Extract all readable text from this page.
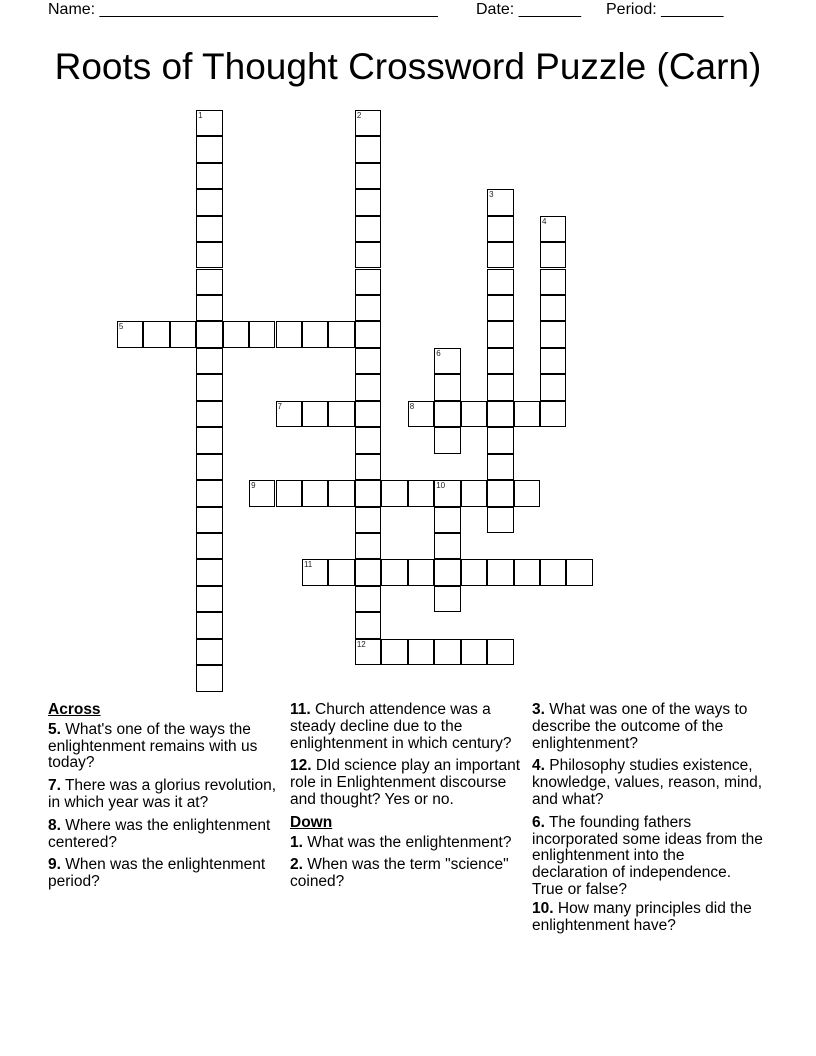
Name: ______________________________________ Date: _______ Period: _______
Roots of Thought Crossword Puzzle (Carn)
1	2
12
3
4
5
6
7	8
9	10
11
Across
5. What's one of the ways the enlightenment remains with us today?
7. There was a glorius revolution, in which year was it at?
8. Where was the enlightenment centered?
9. When was the enlightenment period?
11. Church attendence was a steady decline due to the enlightenment in which century?
12. DId science play an important role in Enlightenment discourse and thought? Yes or no.
Down
1. What was the enlightenment?
2. When was the term "science" coined?
3. What was one of the ways to describe the outcome of the enlightenment?
4. Philosophy studies existence, knowledge, values, reason, mind, and what?
6. The founding fathers incorporated some ideas from the enlightenment into the declaration of independence. True or false?
10. How many principles did the enlightenment have?
